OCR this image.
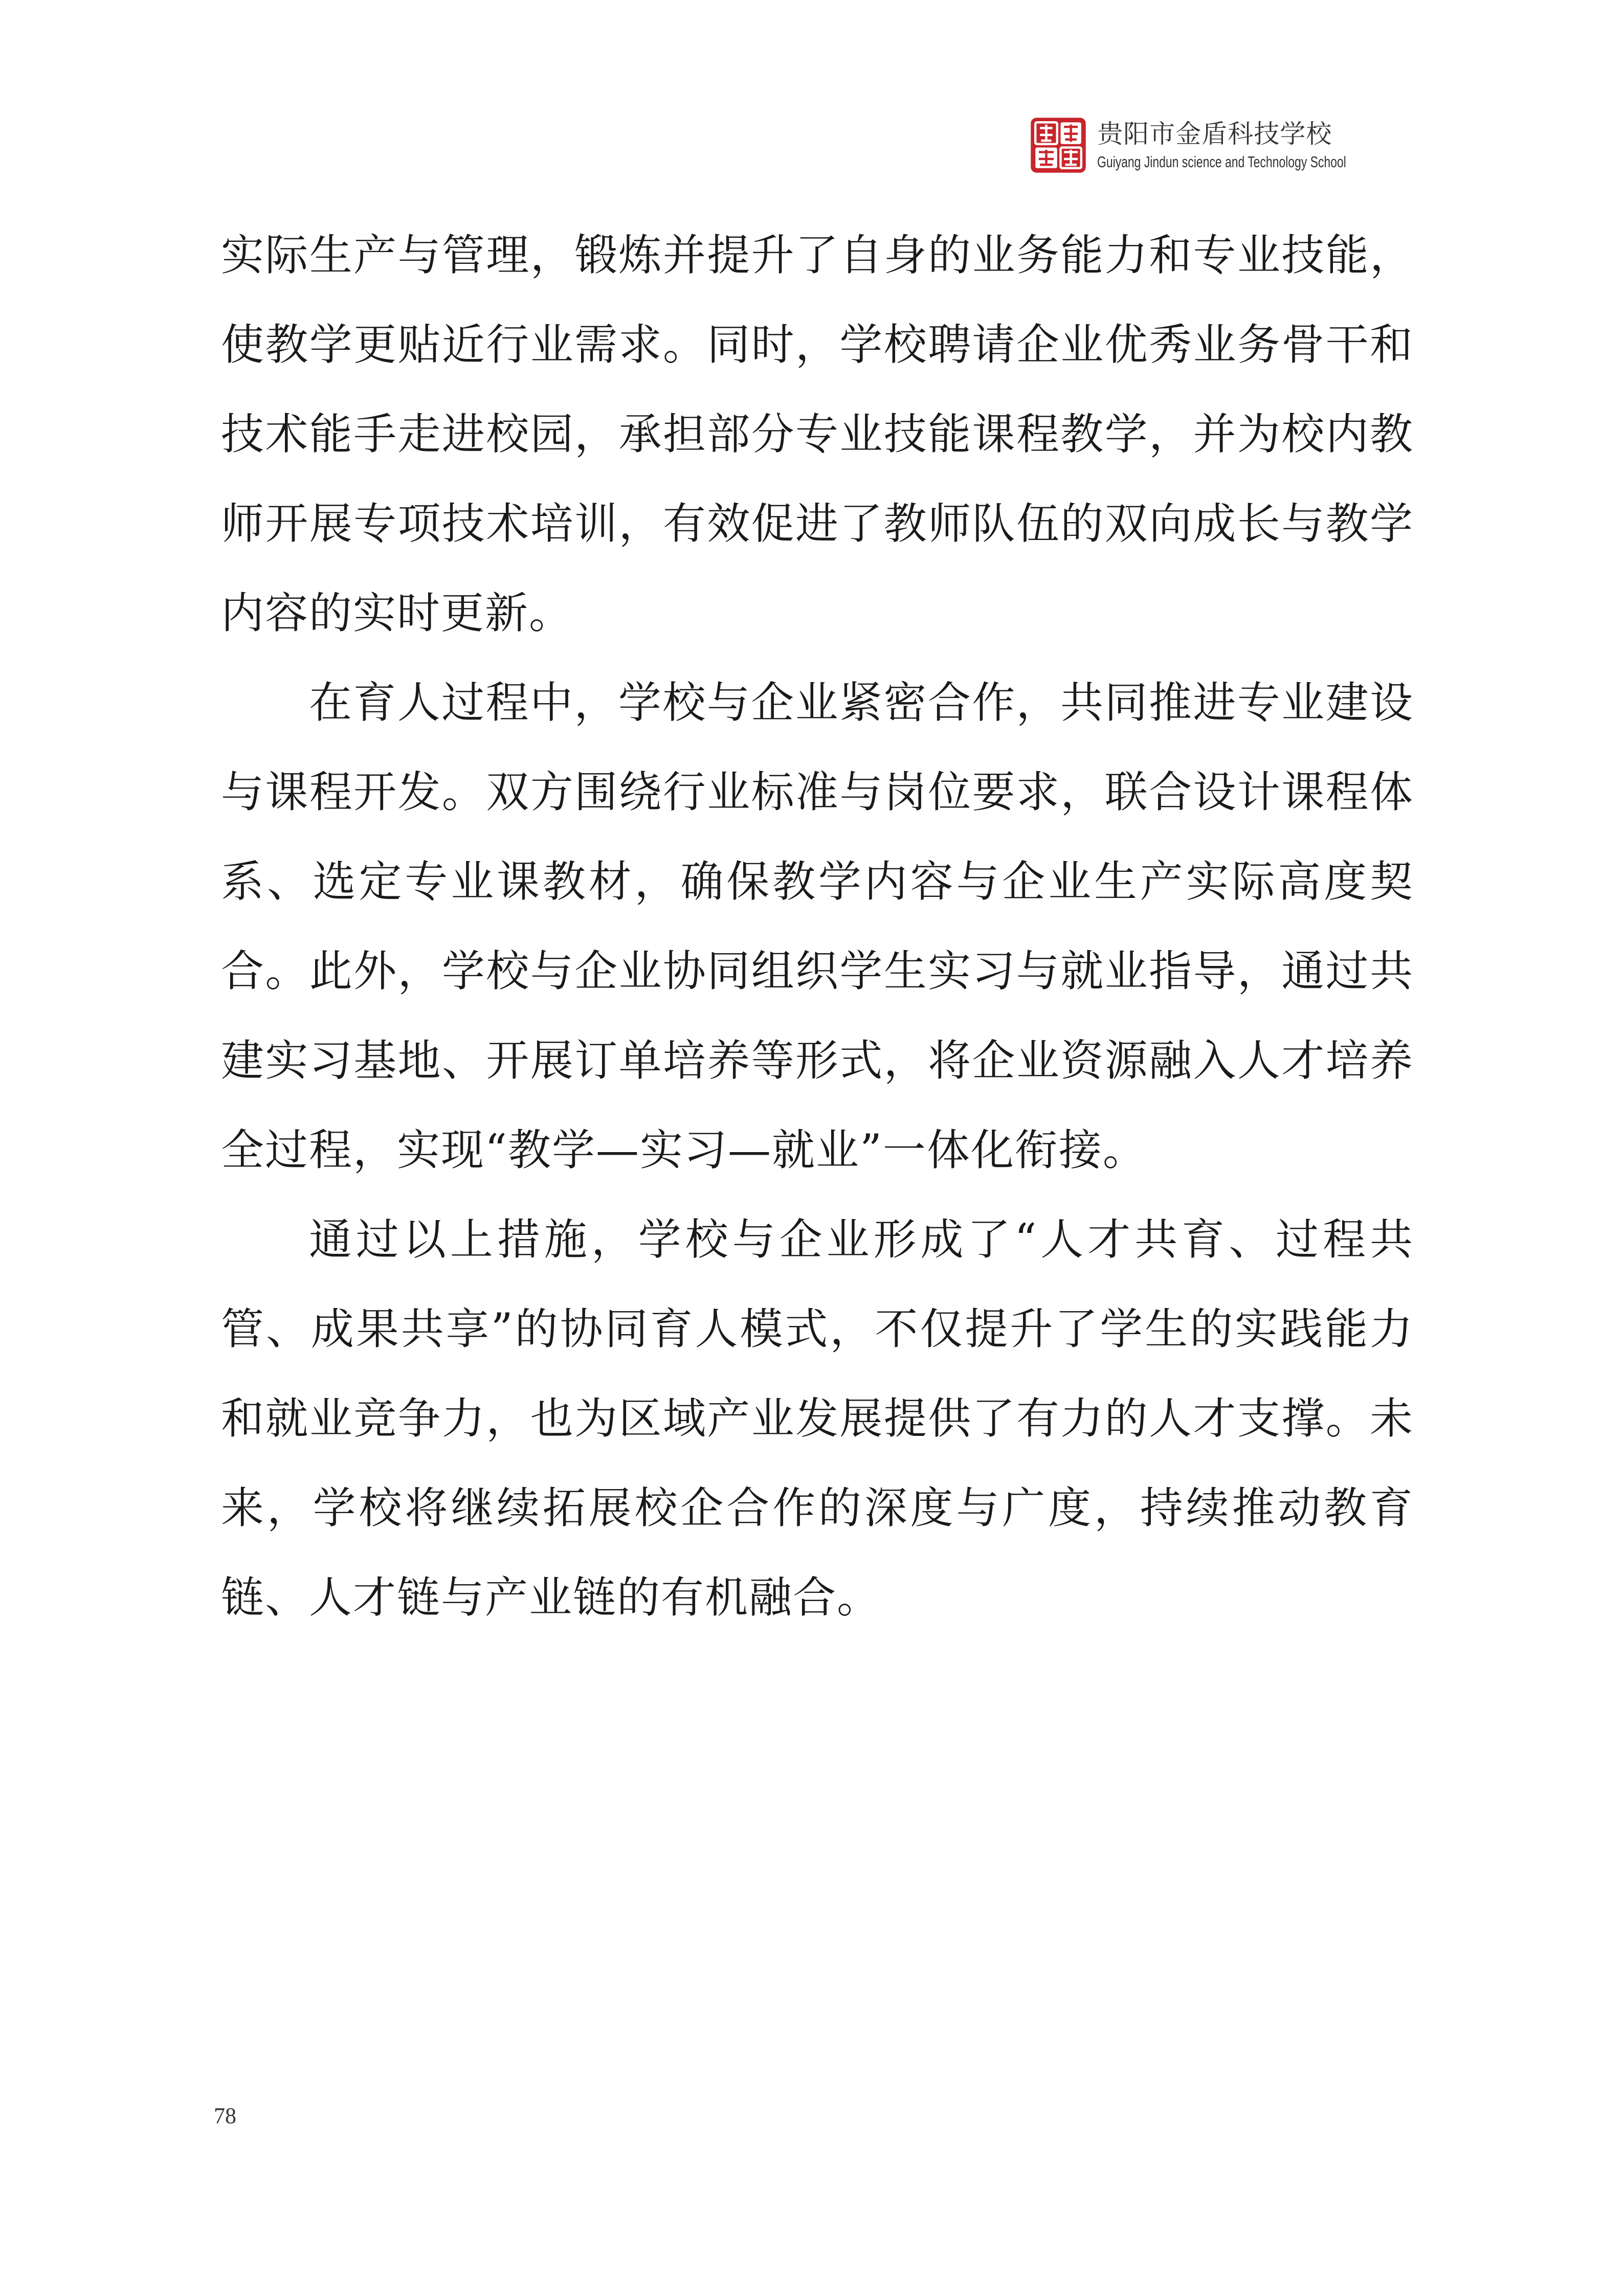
贵阳市金盾科技学校
Guiyang Jindun science and Technology School

实际生产与管理，锻炼并提升了自身的业务能力和专业技能，使教学更贴近行业需求。同时，学校聘请企业优秀业务骨干和技术能手走进校园，承担部分专业技能课程教学，并为校内教师开展专项技术培训，有效促进了教师队伍的双向成长与教学内容的实时更新。

在育人过程中，学校与企业紧密合作，共同推进专业建设与课程开发。双方围绕行业标准与岗位要求，联合设计课程体系、选定专业课教材，确保教学内容与企业生产实际高度契合。此外，学校与企业协同组织学生实习与就业指导，通过共建实习基地、开展订单培养等形式，将企业资源融入人才培养全过程，实现“教学—实习—就业”一体化衔接。

通过以上措施，学校与企业形成了“人才共育、过程共管、成果共享”的协同育人模式，不仅提升了学生的实践能力和就业竞争力，也为区域产业发展提供了有力的人才支撑。未来，学校将继续拓展校企合作的深度与广度，持续推动教育链、人才链与产业链的有机融合。

78
